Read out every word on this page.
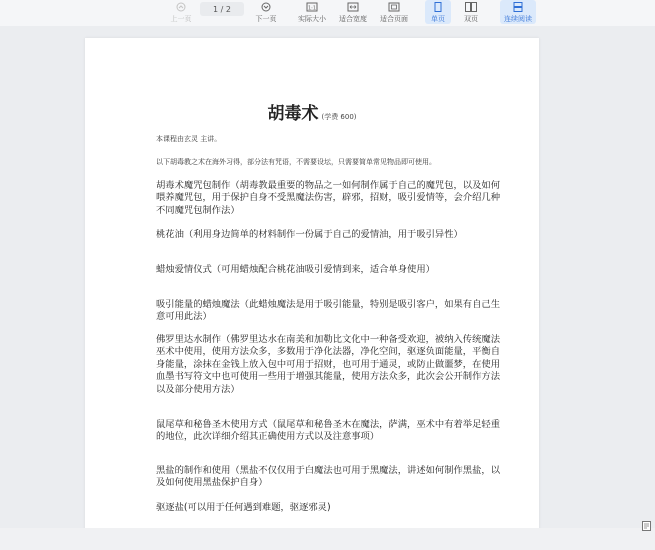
上一页
1 / 2
下一页
1:1
实际大小 适合宽度 适合页面	单页	双页	连续阅读
胡毒术 (学费 600)
本课程由玄灵 主讲。
以下胡毒教之术在海外习得，部分法有咒语，不需要设坛，只需要简单常见物品即可使用。
胡毒术魔咒包制作（胡毒教最重要的物品之一如何制作属于自己的魔咒包，以及如何喂养魔咒包，用于保护自身不受黑魔法伤害，辟邪，招财，吸引爱情等，会介绍几种不同魔咒包制作法）
桃花油（利用身边简单的材料制作一份属于自己的爱情油，用于吸引异性）
蜡烛爱情仪式（可用蜡烛配合桃花油吸引爱情到来，适合单身使用）
吸引能量的蜡烛魔法（此蜡烛魔法是用于吸引能量，特别是吸引客户，如果有自己生意可用此法）
佛罗里达水制作（佛罗里达水在南美和加勒比文化中一种备受欢迎，被纳入传统魔法巫术中使用，使用方法众多，多数用于净化法器，净化空间，驱逐负面能量，平衡自身能量，涂抹在金钱上放入包中可用于招财，也可用于通灵，或防止做噩梦，在使用血墨书写符文中也可使用一些用于增强其能量，使用方法众多，此次会公开制作方法以及部分使用方法）
鼠尾草和秘鲁圣木使用方式（鼠尾草和秘鲁圣木在魔法，萨满，巫术中有着举足轻重的地位，此次详细介绍其正确使用方式以及注意事项）
黑盐的制作和使用（黑盐不仅仅用于白魔法也可用于黑魔法，讲述如何制作黑盐，以及如何使用黑盐保护自身）
驱逐盐(可以用于任何遇到难题，驱逐邪灵)
